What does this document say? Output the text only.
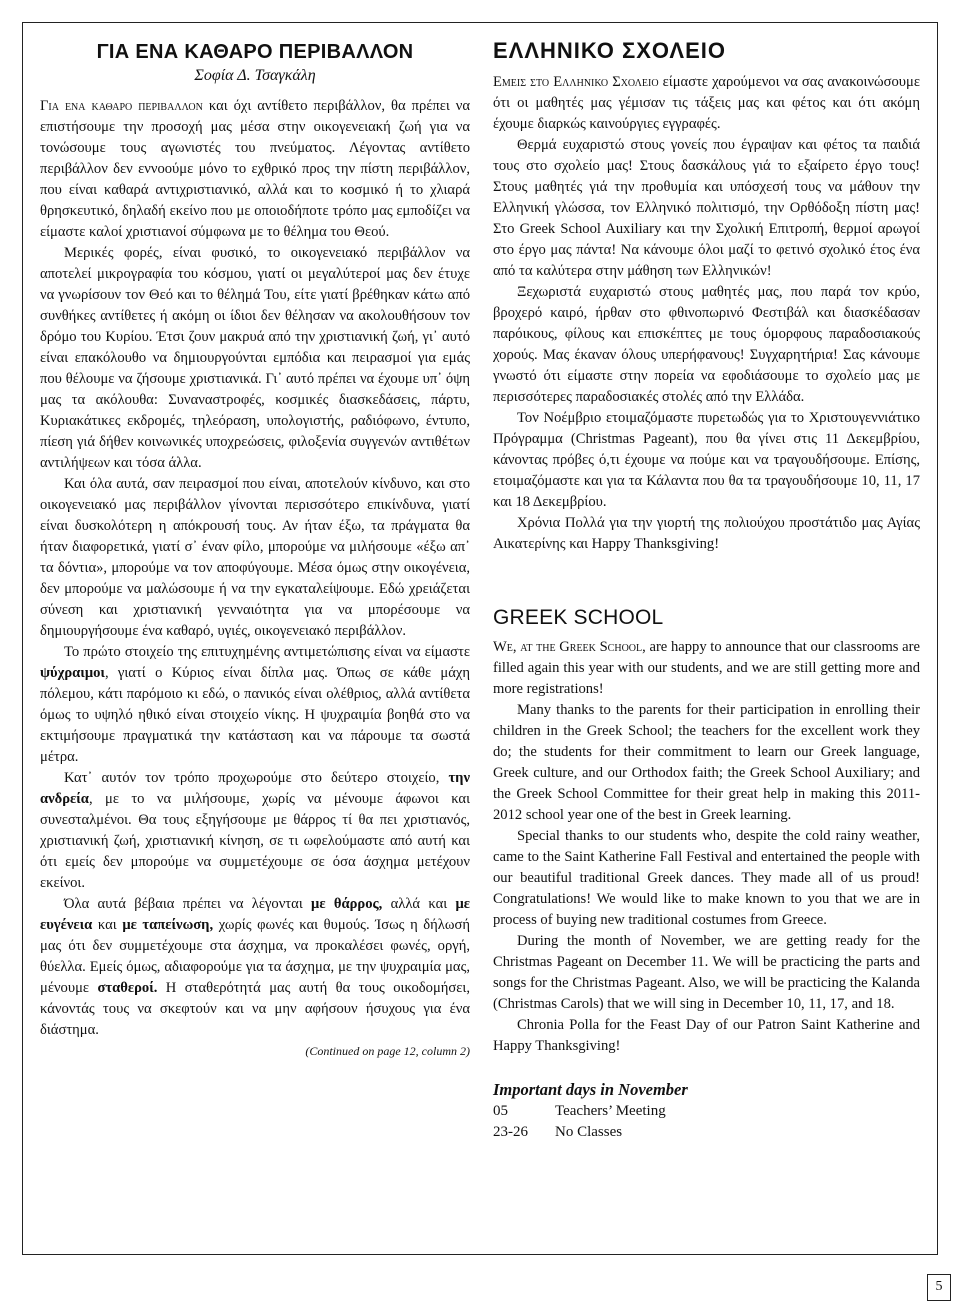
ΓΙΑ ΕΝΑ ΚΑΘΑΡΟ ΠΕΡΙΒΑΛΛΟΝ
Σοφία Δ. Τσαγκάλη

Για ενα καθαρο περιβαλλον και όχι αντίθετο περιβάλλον, θα πρέπει να επιστήσουμε την προσοχή μας μέσα στην οικογενειακή ζωή για να τονώσουμε τους αγωνιστές του πνεύματος. Λέγοντας αντίθετο περιβάλλον δεν εννοούμε μόνο το εχθρικό προς την πίστη περιβάλλον, που είναι καθαρά αντιχριστιανικό, αλλά και το κοσμικό ή το χλιαρά θρησκευτικό, δηλαδή εκείνο που με οποιοδήποτε τρόπο μας εμποδίζει να είμαστε καλοί χριστιανοί σύμφωνα με το θέλημα του Θεού.

Μερικές φορές, είναι φυσικό, το οικογενειακό περιβάλλον να αποτελεί μικρογραφία του κόσμου, γιατί οι μεγαλύτεροί μας δεν έτυχε να γνωρίσουν τον Θεό και το θέλημά Του, είτε γιατί βρέθηκαν κάτω από συνθήκες αντίθετες ή ακόμη οι ίδιοι δεν θέλησαν να ακολουθήσουν τον δρόμο του Κυρίου. Έτσι ζουν μακρυά από την χριστιανική ζωή, γι᾽ αυτό είναι επακόλουθο να δημιουργούνται εμπόδια και πειρασμοί για εμάς που θέλουμε να ζήσουμε χριστιανικά. Γι᾽ αυτό πρέπει να έχουμε υπ᾽ όψη μας τα ακόλουθα: Συναναστροφές, κοσμικές διασκεδάσεις, πάρτυ, Κυριακάτικες εκδρομές, τηλεόραση, υπολογιστής, ραδιόφωνο, έντυπο, πίεση γιά δήθεν κοινωνικές υποχρεώσεις, φιλοξενία συγγενών αντιθέτων αντιλήψεων και τόσα άλλα.

Και όλα αυτά, σαν πειρασμοί που είναι, αποτελούν κίνδυνο, και στο οικογενειακό μας περιβάλλον γίνονται περισσότερο επικίνδυνα, γιατί είναι δυσκολότερη η απόκρουσή τους. Αν ήταν έξω, τα πράγματα θα ήταν διαφορετικά, γιατί σ᾽ έναν φίλο, μπορούμε να μιλήσουμε «έξω απ᾽ τα δόντια», μπορούμε να τον αποφύγουμε. Μέσα όμως στην οικογένεια, δεν μπορούμε να μαλώσουμε ή να την εγκαταλείψουμε. Εδώ χρειάζεται σύνεση και χριστιανική γενναιότητα για να μπορέσουμε να δημιουργήσουμε ένα καθαρό, υγιές, οικογενειακό περιβάλλον.

Το πρώτο στοιχείο της επιτυχημένης αντιμετώπισης είναι να είμαστε ψύχραιμοι, γιατί ο Κύριος είναι δίπλα μας. Όπως σε κάθε μάχη πόλεμου, κάτι παρόμοιο κι εδώ, ο πανικός είναι ολέθριος, αλλά αντίθετα όμως το υψηλό ηθικό είναι στοιχείο νίκης. Η ψυχραιμία βοηθά στο να εκτιμήσουμε πραγματικά την κατάσταση και να πάρουμε τα σωστά μέτρα.

Κατ᾽ αυτόν τον τρόπο προχωρούμε στο δεύτερο στοιχείο, την ανδρεία, με το να μιλήσουμε, χωρίς να μένουμε άφωνοι και συνεσταλμένοι. Θα τους εξηγήσουμε με θάρρος τί θα πει χριστιανός, χριστιανική ζωή, χριστιανική κίνηση, σε τι ωφελούμαστε από αυτή και ότι εμείς δεν μπορούμε να συμμετέχουμε σε όσα άσχημα μετέχουν εκείνοι.

Όλα αυτά βέβαια πρέπει να λέγονται με θάρρος, αλλά και με ευγένεια και με ταπείνωση, χωρίς φωνές και θυμούς. Ίσως η δήλωσή μας ότι δεν συμμετέχουμε στα άσχημα, να προκαλέσει φωνές, οργή, θύελλα. Εμείς όμως, αδιαφορούμε για τα άσχημα, με την ψυχραιμία μας, μένουμε σταθεροί. Η σταθερότητά μας αυτή θα τους οικοδομήσει, κάνοντάς τους να σκεφτούν και να μην αφήσουν ήσυχους για ένα διάστημα.

(Continued on page 12, column 2)
ΕΛΛΗΝΙΚΟ ΣΧΟΛΕΙΟ

Εμεις στο Ελληνικο Σχολειο είμαστε χαρούμενοι να σας ανακοινώσουμε ότι οι μαθητές μας γέμισαν τις τάξεις μας και φέτος και ότι ακόμη έχουμε διαρκώς καινούργιες εγγραφές.

Θερμά ευχαριστώ στους γονείς που έγραψαν και φέτος τα παιδιά τους στο σχολείο μας! Στους δασκάλους γιά το εξαίρετο έργο τους! Στους μαθητές γιά την προθυμία και υπόσχεσή τους να μάθουν την Ελληνική γλώσσα, τον Ελληνικό πολιτισμό, την Ορθόδοξη πίστη μας! Στο Greek School Auxiliary και την Σχολική Επιτροπή, θερμοί αρωγοί στο έργο μας πάντα! Να κάνουμε όλοι μαζί το φετινό σχολικό έτος ένα από τα καλύτερα στην μάθηση των Ελληνικών!

Ξεχωριστά ευχαριστώ στους μαθητές μας, που παρά τον κρύο, βροχερό καιρό, ήρθαν στο φθινοπωρινό Φεστιβάλ και διασκέδασαν παρόικους, φίλους και επισκέπτες με τους όμορφους παραδοσιακούς χορούς. Μας έκαναν όλους υπερήφανους! Συγχαρητήρια! Σας κάνουμε γνωστό ότι είμαστε στην πορεία να εφοδιάσουμε το σχολείο μας με περισσότερες παραδοσιακές στολές από την Ελλάδα.

Τον Νοέμβριο ετοιμαζόμαστε πυρετωδώς για το Χριστουγεννιάτικο Πρόγραμμα (Christmas Pageant), που θα γίνει στις 11 Δεκεμβρίου, κάνοντας πρόβες ό,τι έχουμε να πούμε και να τραγουδήσουμε. Επίσης, ετοιμαζόμαστε και για τα Κάλαντα που θα τα τραγουδήσουμε 10, 11, 17 και 18 Δεκεμβρίου.

Χρόνια Πολλά για την γιορτή της πολιούχου προστάτιδο μας Αγίας Αικατερίνης και Happy Thanksgiving!

GREEK SCHOOL

We, at the Greek School, are happy to announce that our classrooms are filled again this year with our students, and we are still getting more and more registrations!

Many thanks to the parents for their participation in enrolling their children in the Greek School; the teachers for the excellent work they do; the students for their commitment to learn our Greek language, Greek culture, and our Orthodox faith; the Greek School Auxiliary; and the Greek School Committee for their great help in making this 2011-2012 school year one of the best in Greek learning.

Special thanks to our students who, despite the cold rainy weather, came to the Saint Katherine Fall Festival and entertained the people with our beautiful traditional Greek dances. They made all of us proud! Congratulations! We would like to make known to you that we are in process of buying new traditional costumes from Greece.

During the month of November, we are getting ready for the Christmas Pageant on December 11. We will be practicing the parts and songs for the Christmas Pageant. Also, we will be practicing the Kalanda (Christmas Carols) that we will sing in December 10, 11, 17, and 18.

Chronia Polla for the Feast Day of our Patron Saint Katherine and Happy Thanksgiving!

Important days in November
05	Teachers’ Meeting
23-26	No Classes
5
